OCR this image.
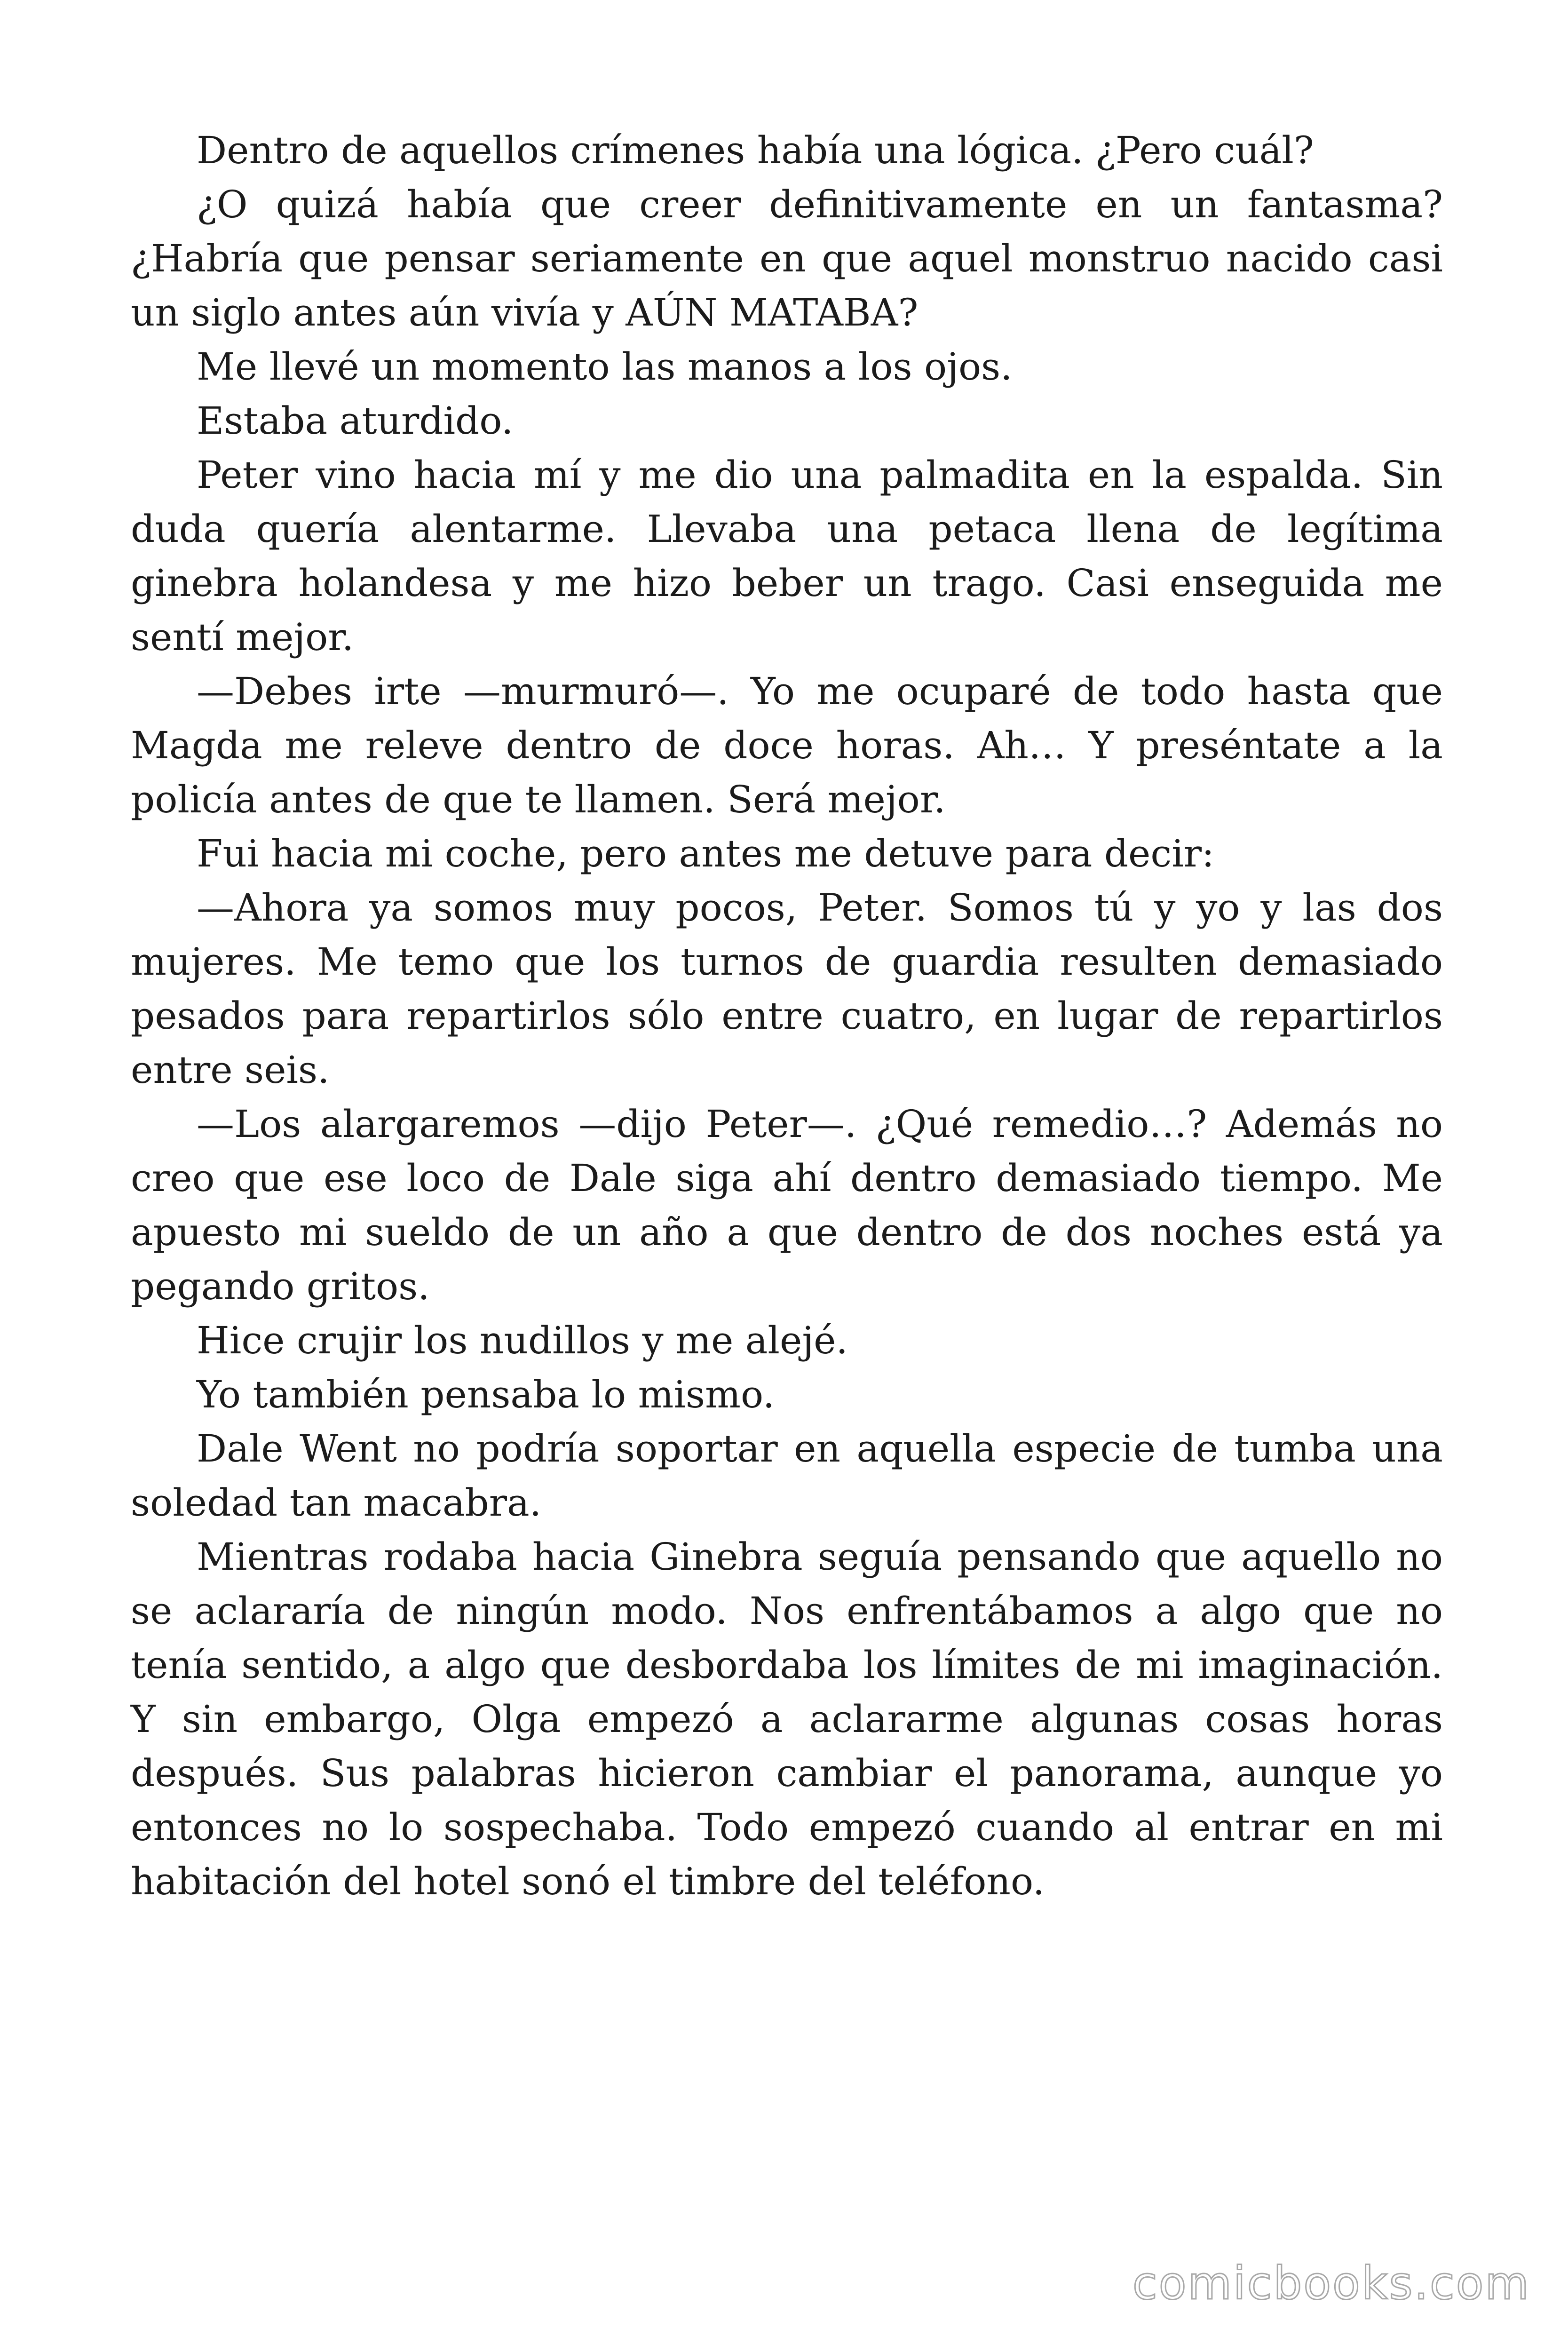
Dentro de aquellos crímenes había una lógica. ¿Pero cuál?

¿O quizá había que creer definitivamente en un fantasma? ¿Habría que pensar seriamente en que aquel monstruo nacido casi un siglo antes aún vivía y AÚN MATABA?

Me llevé un momento las manos a los ojos.

Estaba aturdido.

Peter vino hacia mí y me dio una palmadita en la espalda. Sin duda quería alentarme. Llevaba una petaca llena de legítima ginebra holandesa y me hizo beber un trago. Casi enseguida me sentí mejor.

—Debes irte —murmuró—. Yo me ocuparé de todo hasta que Magda me releve dentro de doce horas. Ah… Y preséntate a la policía antes de que te llamen. Será mejor.

Fui hacia mi coche, pero antes me detuve para decir:

—Ahora ya somos muy pocos, Peter. Somos tú y yo y las dos mujeres. Me temo que los turnos de guardia resulten demasiado pesados para repartirlos sólo entre cuatro, en lugar de repartirlos entre seis.

—Los alargaremos —dijo Peter—. ¿Qué remedio…? Además no creo que ese loco de Dale siga ahí dentro demasiado tiempo. Me apuesto mi sueldo de un año a que dentro de dos noches está ya pegando gritos.

Hice crujir los nudillos y me alejé.

Yo también pensaba lo mismo.

Dale Went no podría soportar en aquella especie de tumba una soledad tan macabra.

Mientras rodaba hacia Ginebra seguía pensando que aquello no se aclararía de ningún modo. Nos enfrentábamos a algo que no tenía sentido, a algo que desbordaba los límites de mi imaginación. Y sin embargo, Olga empezó a aclararme algunas cosas horas después. Sus palabras hicieron cambiar el panorama, aunque yo entonces no lo sospechaba. Todo empezó cuando al entrar en mi habitación del hotel sonó el timbre del teléfono.

comicbooks.com
